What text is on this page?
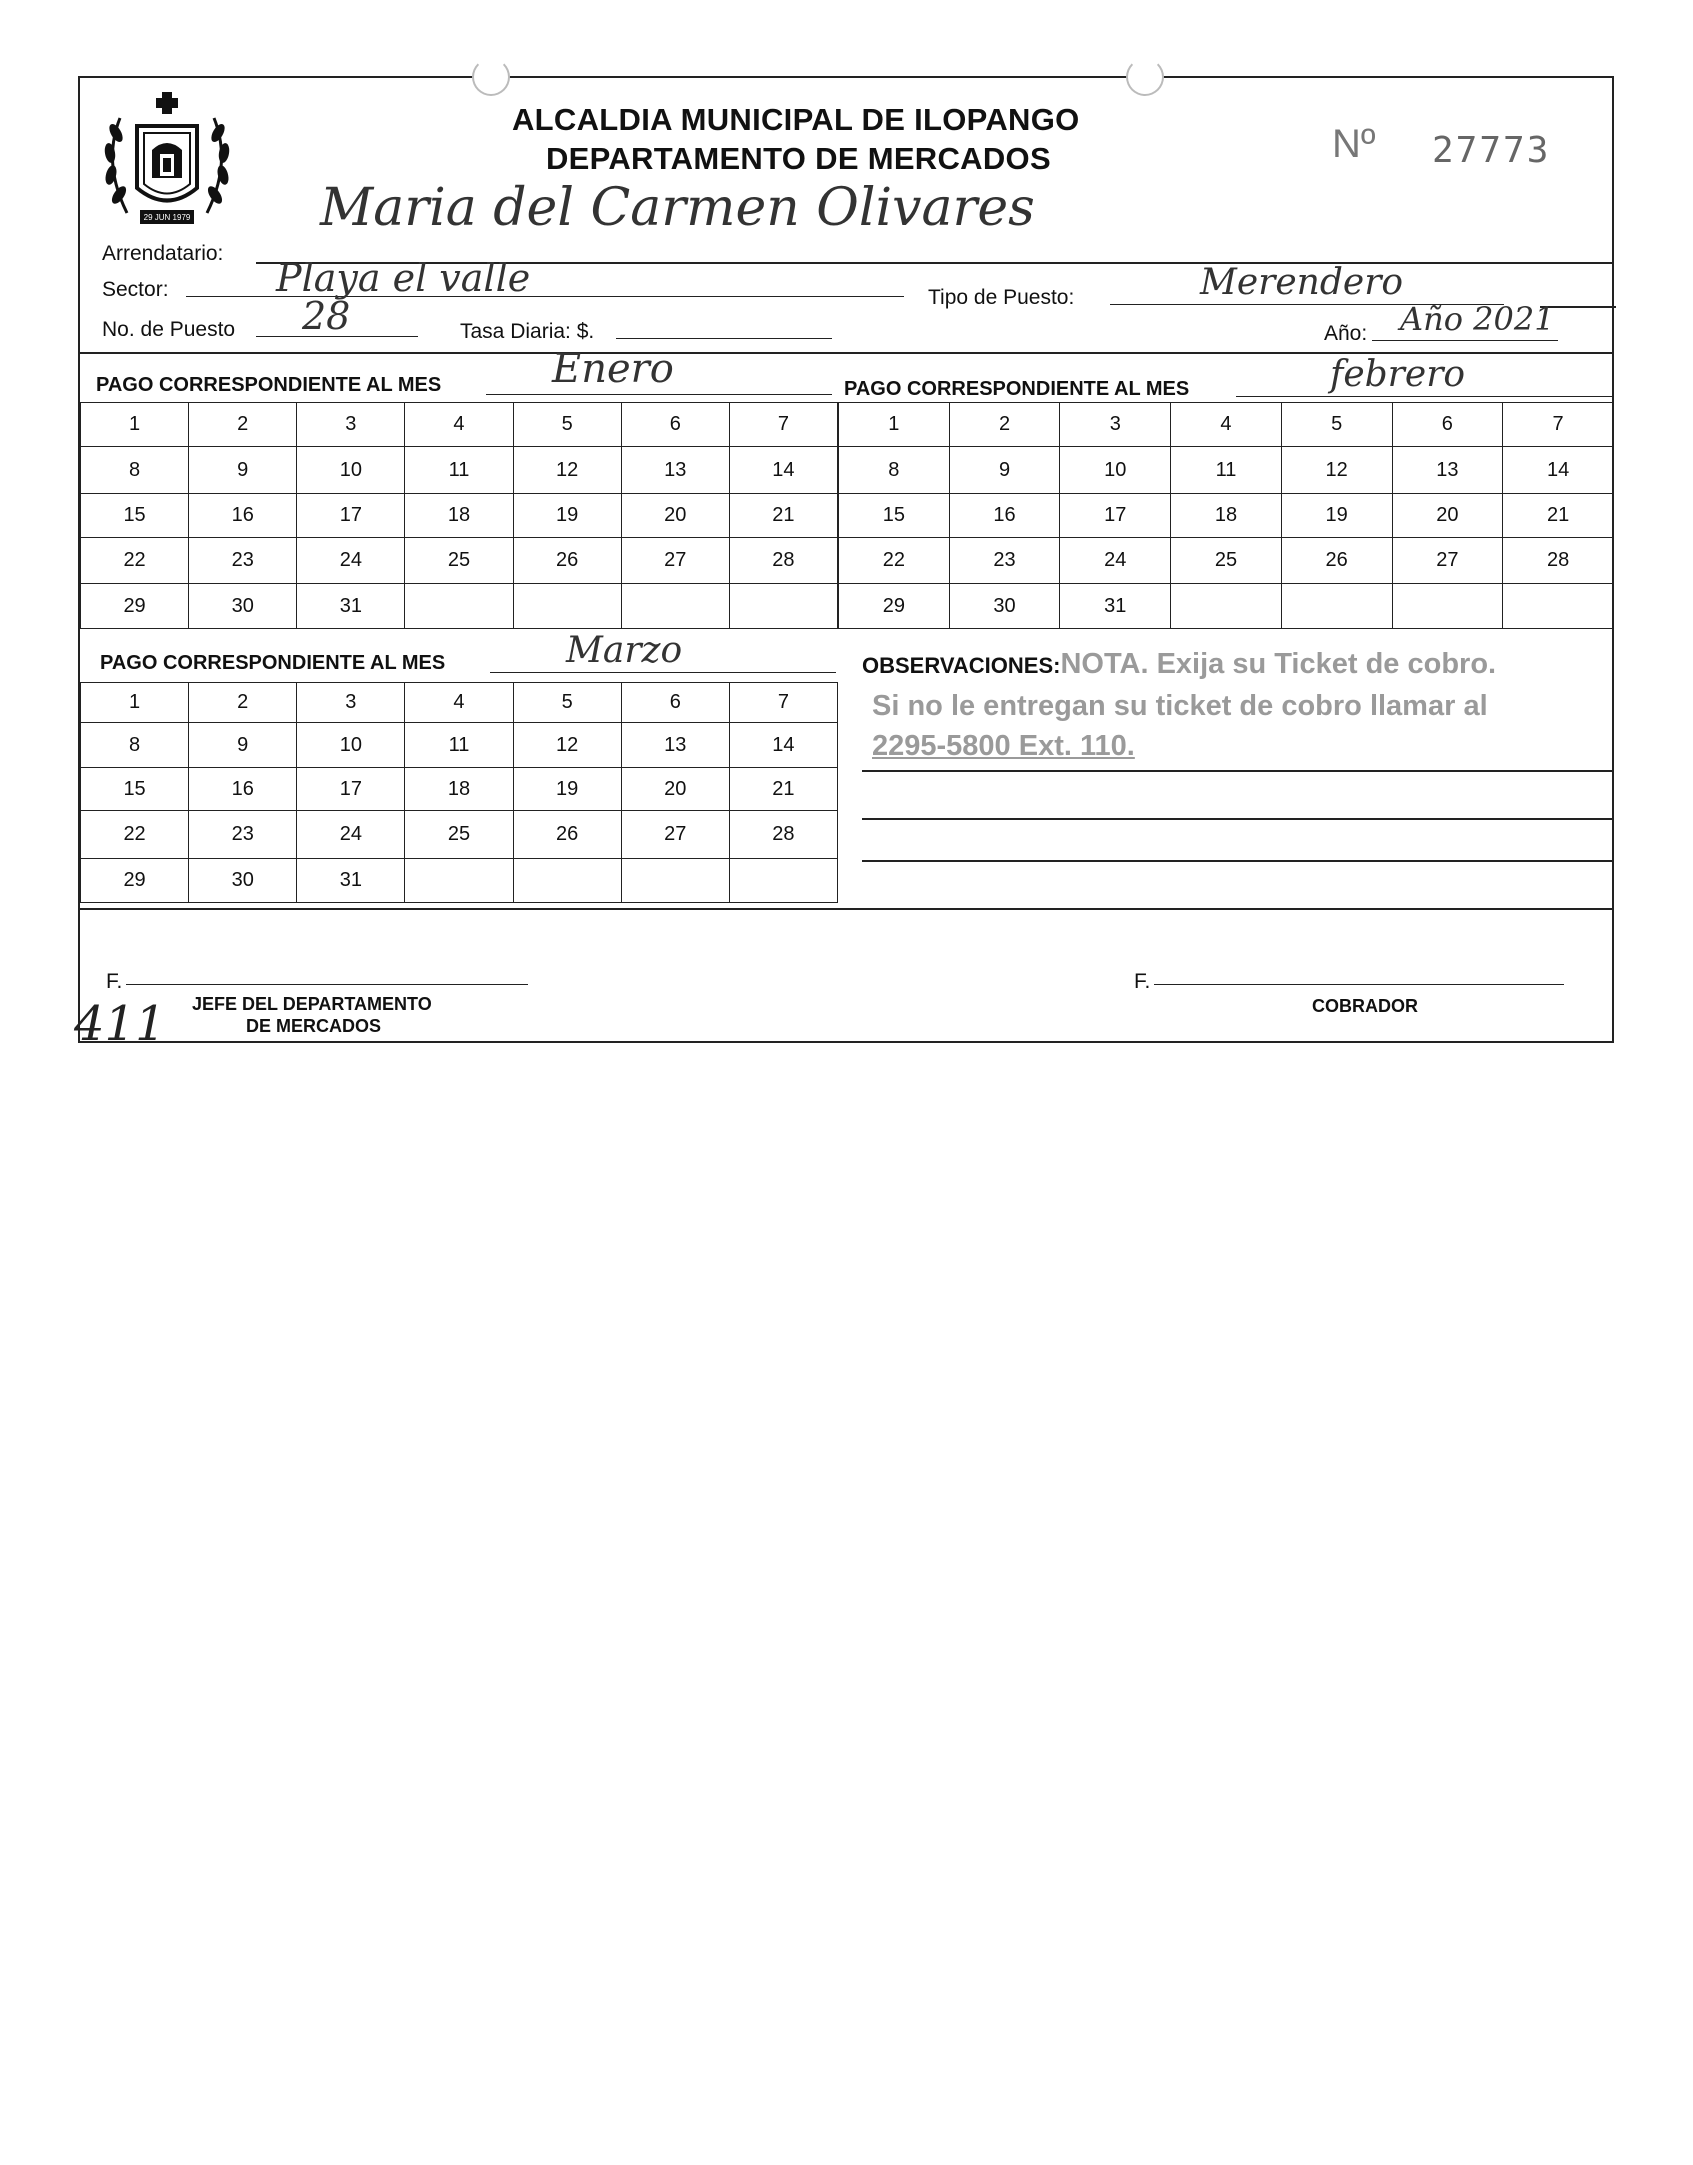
29 JUN 1979
ALCALDIA MUNICIPAL DE ILOPANGO
DEPARTAMENTO DE MERCADOS	Nº 27773
Arrendatario:
Maria del Carmen Olivares
Sector:	Playa el valle	Tipo de Puesto:	Merendero
No. de Puesto 28	Tasa Diaria: $.	Año: Año 2021
PAGO CORRESPONDIENTE AL MES	Enero	PAGO CORRESPONDIENTE AL MES	febrero
1	2	3	4	5	6	7
8	9	10	11	12	13	14
15	16	17	18	19	20	21
22	23	24	25	26	27	28
29	30	31				
1	2	3	4	5	6	7
8	9	10	11	12	13	14
15	16	17	18	19	20	21
22	23	24	25	26	27	28
29	30	31				
PAGO CORRESPONDIENTE AL MES	Marzo
1	2	3	4	5	6	7
8	9	10	11	12	13	14
15	16	17	18	19	20	21
22	23	24	25	26	27	28
29	30	31				
OBSERVACIONES:NOTA. Exija su Ticket de cobro.
Si no le entregan su ticket de cobro llamar al
2295-5800 Ext. 110.
F.
JEFE DEL DEPARTAMENTO
DE MERCADOS
F.
COBRADOR
411
